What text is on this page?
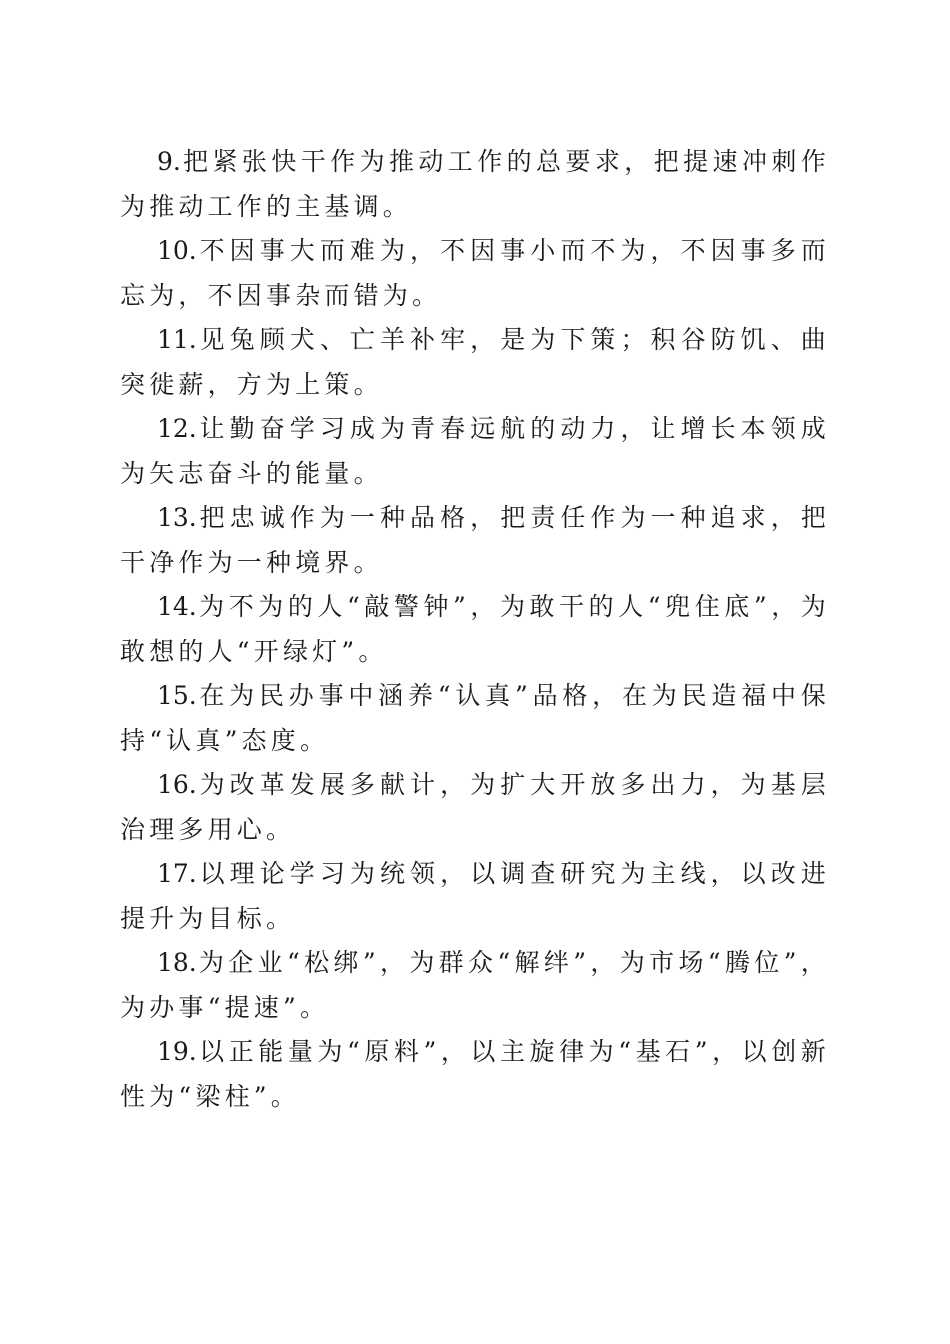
9.把紧张快干作为推动工作的总要求，把提速冲刺作为推动工作的主基调。

10.不因事大而难为，不因事小而不为，不因事多而忘为，不因事杂而错为。

11.见兔顾犬、亡羊补牢，是为下策；积谷防饥、曲突徙薪，方为上策。

12.让勤奋学习成为青春远航的动力，让增长本领成为矢志奋斗的能量。

13.把忠诚作为一种品格，把责任作为一种追求，把干净作为一种境界。

14.为不为的人“敲警钟”，为敢干的人“兜住底”，为敢想的人“开绿灯”。

15.在为民办事中涵养“认真”品格，在为民造福中保持“认真”态度。

16.为改革发展多献计，为扩大开放多出力，为基层治理多用心。

17.以理论学习为统领，以调查研究为主线，以改进提升为目标。

18.为企业“松绑”，为群众“解绊”，为市场“腾位”，为办事“提速”。

19.以正能量为“原料”，以主旋律为“基石”，以创新性为“梁柱”。
